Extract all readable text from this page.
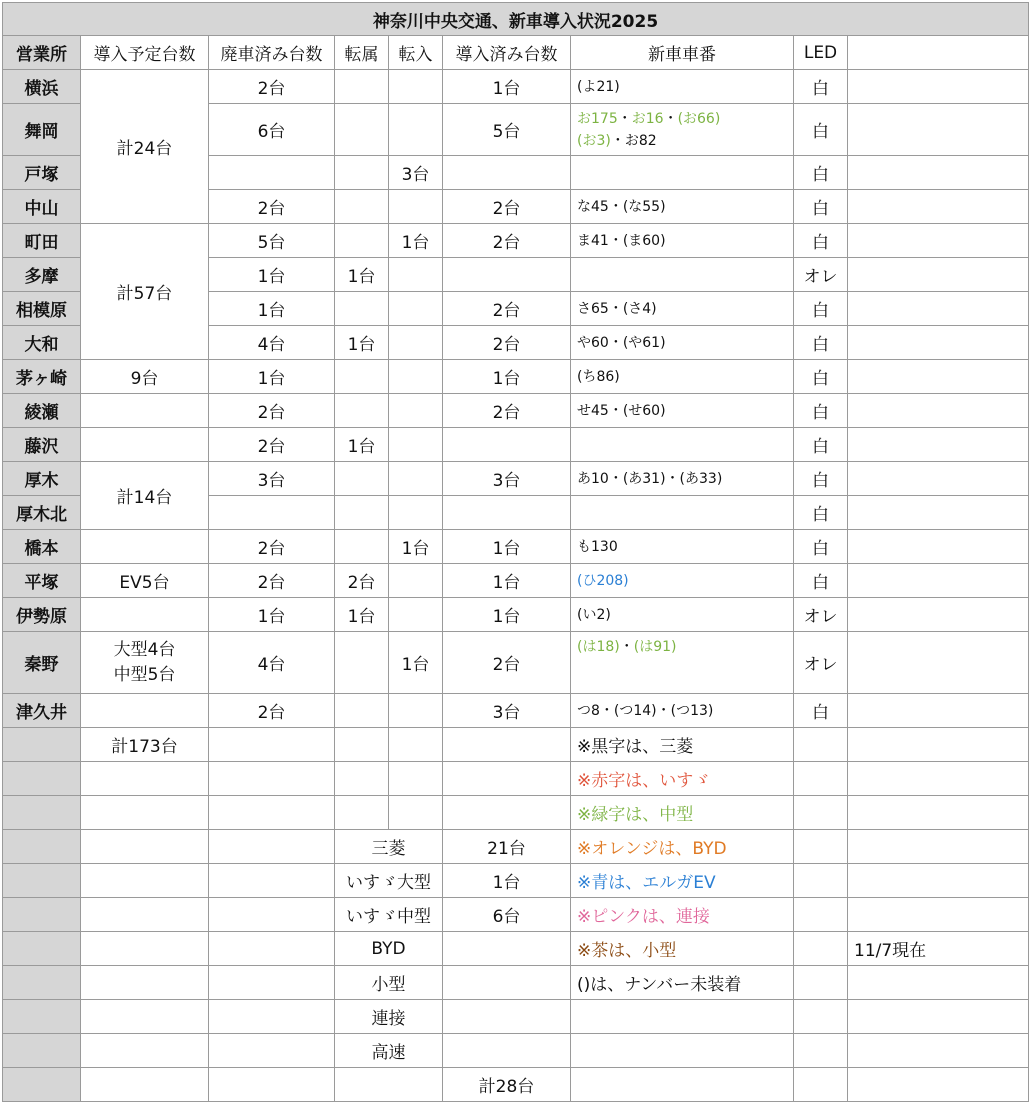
神奈川中央交通、新車導入状況2025								
営業所	導入予定台数	廃車済み台数	転属	転入	導入済み台数	新車車番	LED	
横浜	計24台	2台			1台	(よ21)	白	
舞岡		6台			5台	お175・お16・(お66)
(お3)・お82	白	
戸塚				3台			白	
中山		2台			2台	な45・(な55)	白	
町田	計57台	5台		1台	2台	ま41・(ま60)	白	
多摩		1台	1台				オレ	
相模原		1台			2台	さ65・(さ4)	白	
大和		4台	1台		2台	や60・(や61)	白	
茅ヶ崎	9台	1台			1台	(ち86)	白	
綾瀬		2台			2台	せ45・(せ60)	白	
藤沢		2台	1台				白	
厚木	計14台	3台			3台	あ10・(あ31)・(あ33)	白	
厚木北							白	
橋本		2台		1台	1台	も130	白	
平塚	EV5台	2台	2台		1台	(ひ208)	白	
伊勢原		1台	1台		1台	(い2)	オレ	
秦野	大型4台
中型5台	4台		1台	2台	(は18)・(は91)	オレ	
津久井		2台			3台	つ8・(つ14)・(つ13)	白	
	計173台					※黒字は、三菱		
						※赤字は、いすゞ		
						※緑字は、中型		
			三菱		21台	※オレンジは、BYD		
			いすゞ大型		1台	※青は、エルガEV		
			いすゞ中型		6台	※ピンクは、連接		
			BYD			※茶は、小型		11/7現在
			小型			()は、ナンバー未装着		
			連接					
			高速					
					計28台			
